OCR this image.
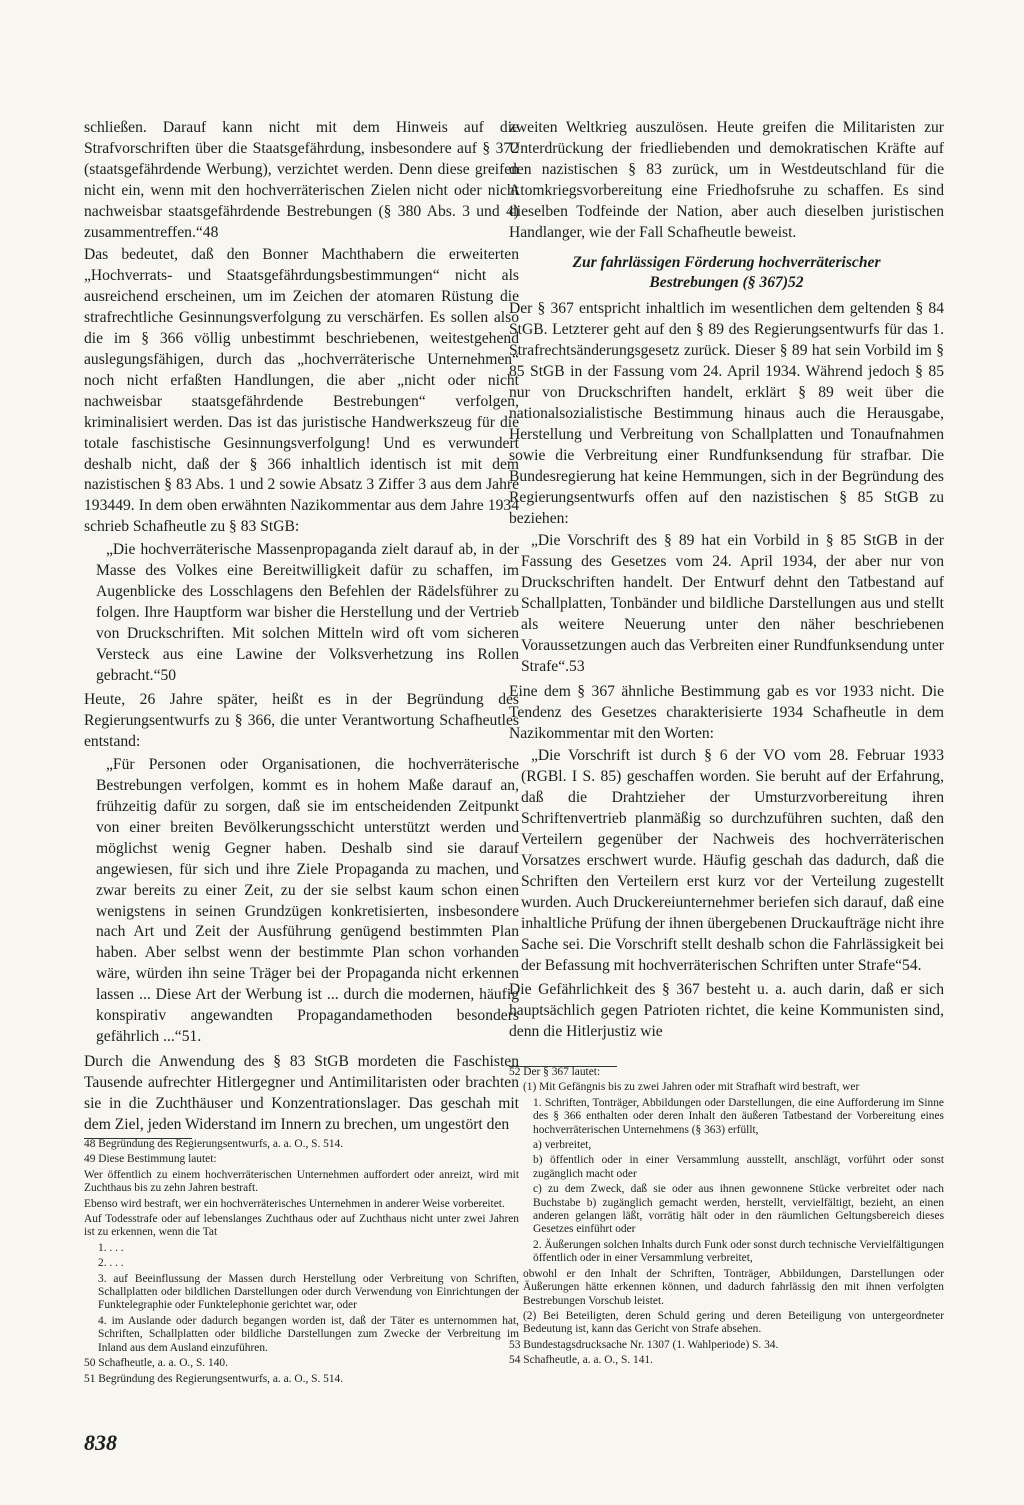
schließen. Darauf kann nicht mit dem Hinweis auf die Strafvorschriften über die Staatsgefährdung, insbesondere auf § 372 (staatsgefährdende Werbung), verzichtet werden. Denn diese greifen nicht ein, wenn mit den hochverräterischen Zielen nicht oder nicht nachweisbar staatsgefährdende Bestrebungen (§ 380 Abs. 3 und 4) zusammentreffen.“48

Das bedeutet, daß den Bonner Machthabern die erweiterten „Hochverrats- und Staatsgefährdungsbestimmungen“ nicht als ausreichend erscheinen, um im Zeichen der atomaren Rüstung die strafrechtliche Gesinnungsverfolgung zu verschärfen. Es sollen also die im § 366 völlig unbestimmt beschriebenen, weitestgehend auslegungsfähigen, durch das „hochverräterische Unternehmen“ noch nicht erfaßten Handlungen, die aber „nicht oder nicht nachweisbar staatsgefährdende Bestrebungen“ verfolgen, kriminalisiert werden. Das ist das juristische Handwerkszeug für die totale faschistische Gesinnungsverfolgung! Und es verwundert deshalb nicht, daß der § 366 inhaltlich identisch ist mit dem nazistischen § 83 Abs. 1 und 2 sowie Absatz 3 Ziffer 3 aus dem Jahre 193449. In dem oben erwähnten Nazikommentar aus dem Jahre 1934 schrieb Schafheutle zu § 83 StGB:

„Die hochverräterische Massenpropaganda zielt darauf ab, in der Masse des Volkes eine Bereitwilligkeit dafür zu schaffen, im Augenblicke des Losschlagens den Befehlen der Rädelsführer zu folgen. Ihre Hauptform war bisher die Herstellung und der Vertrieb von Druckschriften. Mit solchen Mitteln wird oft vom sicheren Versteck aus eine Lawine der Volksverhetzung ins Rollen gebracht.“50

Heute, 26 Jahre später, heißt es in der Begründung des Regierungsentwurfs zu § 366, die unter Verantwortung Schafheutles entstand:

„Für Personen oder Organisationen, die hochverräterische Bestrebungen verfolgen, kommt es in hohem Maße darauf an, frühzeitig dafür zu sorgen, daß sie im entscheidenden Zeitpunkt von einer breiten Bevölkerungsschicht unterstützt werden und möglichst wenig Gegner haben. Deshalb sind sie darauf angewiesen, für sich und ihre Ziele Propaganda zu machen, und zwar bereits zu einer Zeit, zu der sie selbst kaum schon einen wenigstens in seinen Grundzügen konkretisierten, insbesondere nach Art und Zeit der Ausführung genügend bestimmten Plan haben. Aber selbst wenn der bestimmte Plan schon vorhanden wäre, würden ihn seine Träger bei der Propaganda nicht erkennen lassen ... Diese Art der Werbung ist ... durch die modernen, häufig konspirativ angewandten Propagandamethoden besonders gefährlich ...“51.

Durch die Anwendung des § 83 StGB mordeten die Faschisten Tausende aufrechter Hitlergegner und Antimilitaristen oder brachten sie in die Zuchthäuser und Konzentrationslager. Das geschah mit dem Ziel, jeden Widerstand im Innern zu brechen, um ungestört den

48 Begründung des Regierungsentwurfs, a. a. O., S. 514.

49 Diese Bestimmung lautet:

Wer öffentlich zu einem hochverräterischen Unternehmen auffordert oder anreizt, wird mit Zuchthaus bis zu zehn Jahren bestraft.

Ebenso wird bestraft, wer ein hochverräterisches Unternehmen in anderer Weise vorbereitet.

Auf Todesstrafe oder auf lebenslanges Zuchthaus oder auf Zuchthaus nicht unter zwei Jahren ist zu erkennen, wenn die Tat

1. . . .

2. . . .

3. auf Beeinflussung der Massen durch Herstellung oder Verbreitung von Schriften, Schallplatten oder bildlichen Darstellungen oder durch Verwendung von Einrichtungen der Funktelegraphie oder Funktelephonie gerichtet war, oder

4. im Auslande oder dadurch begangen worden ist, daß der Täter es unternommen hat, Schriften, Schallplatten oder bildliche Darstellungen zum Zwecke der Verbreitung im Inland aus dem Ausland einzuführen.

50 Schafheutle, a. a. O., S. 140.

51 Begründung des Regierungsentwurfs, a. a. O., S. 514.

zweiten Weltkrieg auszulösen. Heute greifen die Militaristen zur Unterdrückung der friedliebenden und demokratischen Kräfte auf den nazistischen § 83 zurück, um in Westdeutschland für die Atomkriegsvorbereitung eine Friedhofsruhe zu schaffen. Es sind dieselben Todfeinde der Nation, aber auch dieselben juristischen Handlanger, wie der Fall Schafheutle beweist.

Zur fahrlässigen Förderung hochverräterischer
Bestrebungen (§ 367)52

Der § 367 entspricht inhaltlich im wesentlichen dem geltenden § 84 StGB. Letzterer geht auf den § 89 des Regierungsentwurfs für das 1. Strafrechtsänderungsgesetz zurück. Dieser § 89 hat sein Vorbild im § 85 StGB in der Fassung vom 24. April 1934. Während jedoch § 85 nur von Druckschriften handelt, erklärt § 89 weit über die nationalsozialistische Bestimmung hinaus auch die Herausgabe, Herstellung und Verbreitung von Schallplatten und Tonaufnahmen sowie die Verbreitung einer Rundfunksendung für strafbar. Die Bundesregierung hat keine Hemmungen, sich in der Begründung des Regierungsentwurfs offen auf den nazistischen § 85 StGB zu beziehen:

„Die Vorschrift des § 89 hat ein Vorbild in § 85 StGB in der Fassung des Gesetzes vom 24. April 1934, der aber nur von Druckschriften handelt. Der Entwurf dehnt den Tatbestand auf Schallplatten, Tonbänder und bildliche Darstellungen aus und stellt als weitere Neuerung unter den näher beschriebenen Voraussetzungen auch das Verbreiten einer Rundfunksendung unter Strafe“.53

Eine dem § 367 ähnliche Bestimmung gab es vor 1933 nicht. Die Tendenz des Gesetzes charakterisierte 1934 Schafheutle in dem Nazikommentar mit den Worten:

„Die Vorschrift ist durch § 6 der VO vom 28. Februar 1933 (RGBl. I S. 85) geschaffen worden. Sie beruht auf der Erfahrung, daß die Drahtzieher der Umsturzvorbereitung ihren Schriftenvertrieb planmäßig so durchzuführen suchten, daß den Verteilern gegenüber der Nachweis des hochverräterischen Vorsatzes erschwert wurde. Häufig geschah das dadurch, daß die Schriften den Verteilern erst kurz vor der Verteilung zugestellt wurden. Auch Druckereiunternehmer beriefen sich darauf, daß eine inhaltliche Prüfung der ihnen übergebenen Druckaufträge nicht ihre Sache sei. Die Vorschrift stellt deshalb schon die Fahrlässigkeit bei der Befassung mit hochverräterischen Schriften unter Strafe“54.

Die Gefährlichkeit des § 367 besteht u. a. auch darin, daß er sich hauptsächlich gegen Patrioten richtet, die keine Kommunisten sind, denn die Hitlerjustiz wie

52 Der § 367 lautet:

(1) Mit Gefängnis bis zu zwei Jahren oder mit Strafhaft wird bestraft, wer

1. Schriften, Tonträger, Abbildungen oder Darstellungen, die eine Aufforderung im Sinne des § 366 enthalten oder deren Inhalt den äußeren Tatbestand der Vorbereitung eines hochverräterischen Unternehmens (§ 363) erfüllt,

a) verbreitet,

b) öffentlich oder in einer Versammlung ausstellt, anschlägt, vorführt oder sonst zugänglich macht oder

c) zu dem Zweck, daß sie oder aus ihnen gewonnene Stücke verbreitet oder nach Buchstabe b) zugänglich gemacht werden, herstellt, vervielfältigt, bezieht, an einen anderen gelangen läßt, vorrätig hält oder in den räumlichen Geltungsbereich dieses Gesetzes einführt oder

2. Äußerungen solchen Inhalts durch Funk oder sonst durch technische Vervielfältigungen öffentlich oder in einer Versammlung verbreitet,

obwohl er den Inhalt der Schriften, Tonträger, Abbildungen, Darstellungen oder Äußerungen hätte erkennen können, und dadurch fahrlässig den mit ihnen verfolgten Bestrebungen Vorschub leistet.

(2) Bei Beteiligten, deren Schuld gering und deren Beteiligung von untergeordneter Bedeutung ist, kann das Gericht von Strafe absehen.

53 Bundestagsdrucksache Nr. 1307 (1. Wahlperiode) S. 34.

54 Schafheutle, a. a. O., S. 141.

838
